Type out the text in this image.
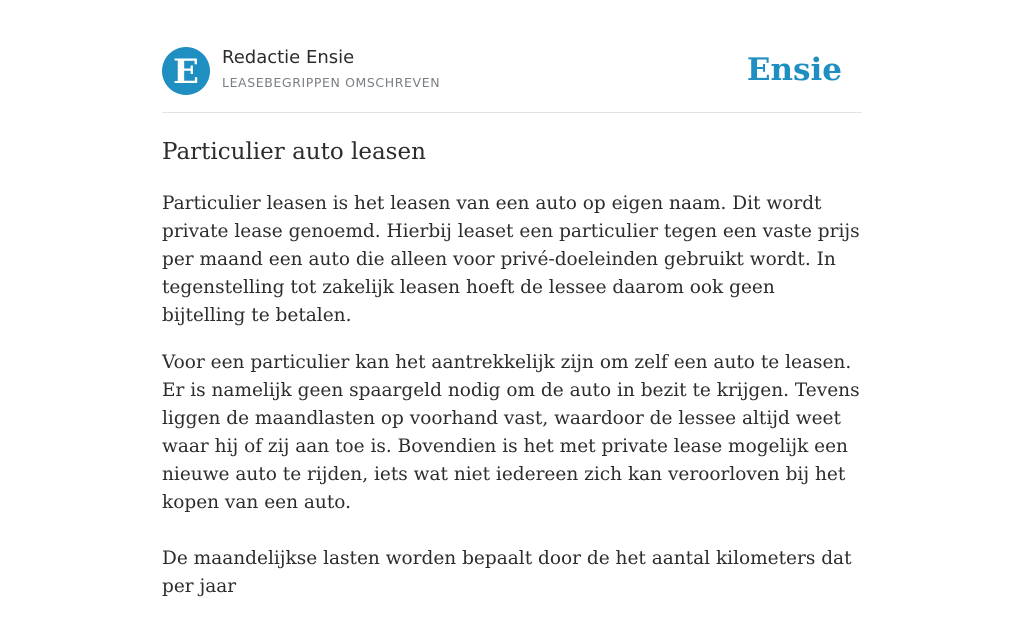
E Redactie Ensie
LEASEBEGRIPPEN OMSCHREVEN	Ensie
Particulier auto leasen

Particulier leasen is het leasen van een auto op eigen naam. Dit wordt private lease genoemd. Hierbij leaset een particulier tegen een vaste prijs per maand een auto die alleen voor privé-doeleinden gebruikt wordt. In tegenstelling tot zakelijk leasen hoeft de lessee daarom ook geen bijtelling te betalen.

Voor een particulier kan het aantrekkelijk zijn om zelf een auto te leasen. Er is namelijk geen spaargeld nodig om de auto in bezit te krijgen. Tevens liggen de maandlasten op voorhand vast, waardoor de lessee altijd weet waar hij of zij aan toe is. Bovendien is het met private lease mogelijk een nieuwe auto te rijden, iets wat niet iedereen zich kan veroorloven bij het kopen van een auto.

De maandelijkse lasten worden bepaalt door de het aantal kilometers dat per jaar
